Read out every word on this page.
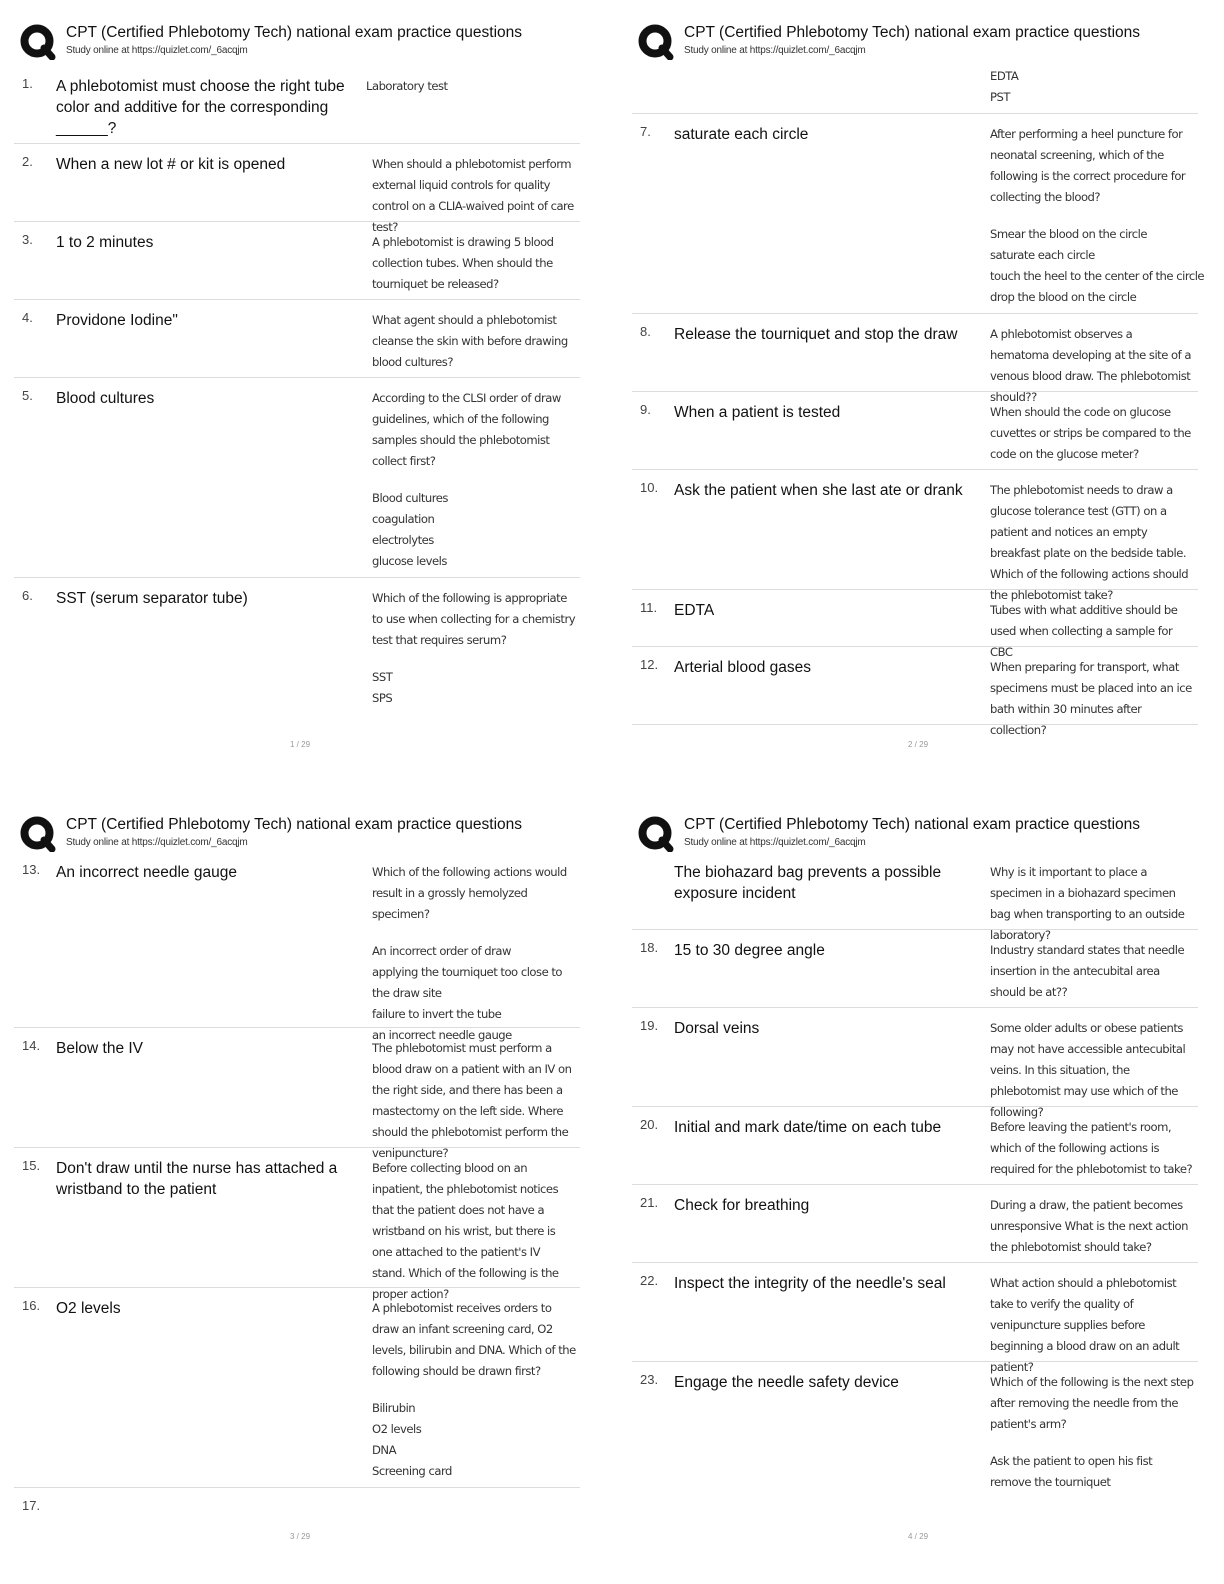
CPT (Certified Phlebotomy Tech) national exam practice questions
Study online at https://quizlet.com/_6acqjm
1. A phlebotomist must choose the right tube color and additive for the corresponding ______?
Laboratory test
2. When a new lot # or kit is opened	When should a phlebotomist perform external liquid controls for quality control on a CLIA-waived point of care test?
3. 1 to 2 minutes	A phlebotomist is drawing 5 blood collection tubes. When should the tourniquet be released?
4. Providone Iodine"	What agent should a phlebotomist cleanse the skin with before drawing blood cultures?
5. Blood cultures	According to the CLSI order of draw guidelines, which of the following samples should the phlebotomist collect first?
Blood cultures
coagulation
electrolytes
glucose levels
6. SST (serum separator tube)	Which of the following is appropriate to use when collecting for a chemistry test that requires serum?
SST
SPS
1 / 29
CPT (Certified Phlebotomy Tech) national exam practice questions
Study online at https://quizlet.com/_6acqjm
EDTA
PST
7. saturate each circle	After performing a heel puncture for neonatal screening, which of the following is the correct procedure for collecting the blood?
Smear the blood on the circle
saturate each circle
touch the heel to the center of the circle
drop the blood on the circle
8. Release the tourniquet and stop the draw	A phlebotomist observes a hematoma developing at the site of a venous blood draw. The phlebotomist should??
9. When a patient is tested	When should the code on glucose cuvettes or strips be compared to the code on the glucose meter?
10. Ask the patient when she last ate or drank	The phlebotomist needs to draw a glucose tolerance test (GTT) on a patient and notices an empty breakfast plate on the bedside table. Which of the following actions should the phlebotomist take?
11. EDTA	Tubes with what additive should be used when collecting a sample for CBC
12. Arterial blood gases	When preparing for transport, what specimens must be placed into an ice bath within 30 minutes after collection?
2 / 29
CPT (Certified Phlebotomy Tech) national exam practice questions
Study online at https://quizlet.com/_6acqjm
13. An incorrect needle gauge	Which of the following actions would result in a grossly hemolyzed specimen?
An incorrect order of draw
applying the tourniquet too close to the draw site
failure to invert the tube
an incorrect needle gauge
14. Below the IV	The phlebotomist must perform a blood draw on a patient with an IV on the right side, and there has been a mastectomy on the left side. Where should the phlebotomist perform the venipuncture?
15. Don't draw until the nurse has attached a wristband to the patient
Before collecting blood on an inpatient, the phlebotomist notices that the patient does not have a wristband on his wrist, but there is one attached to the patient's IV stand. Which of the following is the proper action?
16. O2 levels	A phlebotomist receives orders to draw an infant screening card, O2 levels, bilirubin and DNA. Which of the following should be drawn first?
Bilirubin
O2 levels
DNA
Screening card
17.
3 / 29
CPT (Certified Phlebotomy Tech) national exam practice questions
Study online at https://quizlet.com/_6acqjm
The biohazard bag prevents a possible exposure incident
Why is it important to place a specimen in a biohazard specimen bag when transporting to an outside laboratory?
18. 15 to 30 degree angle	Industry standard states that needle insertion in the antecubital area should be at??
19. Dorsal veins	Some older adults or obese patients may not have accessible antecubital veins. In this situation, the phlebotomist may use which of the following?
20. Initial and mark date/time on each tube	Before leaving the patient's room, which of the following actions is required for the phlebotomist to take?
21. Check for breathing	During a draw, the patient becomes unresponsive What is the next action the phlebotomist should take?
22. Inspect the integrity of the needle's seal	What action should a phlebotomist take to verify the quality of venipuncture supplies before beginning a blood draw on an adult patient?
23. Engage the needle safety device	Which of the following is the next step after removing the needle from the patient's arm?
Ask the patient to open his fist
remove the tourniquet
4 / 29
